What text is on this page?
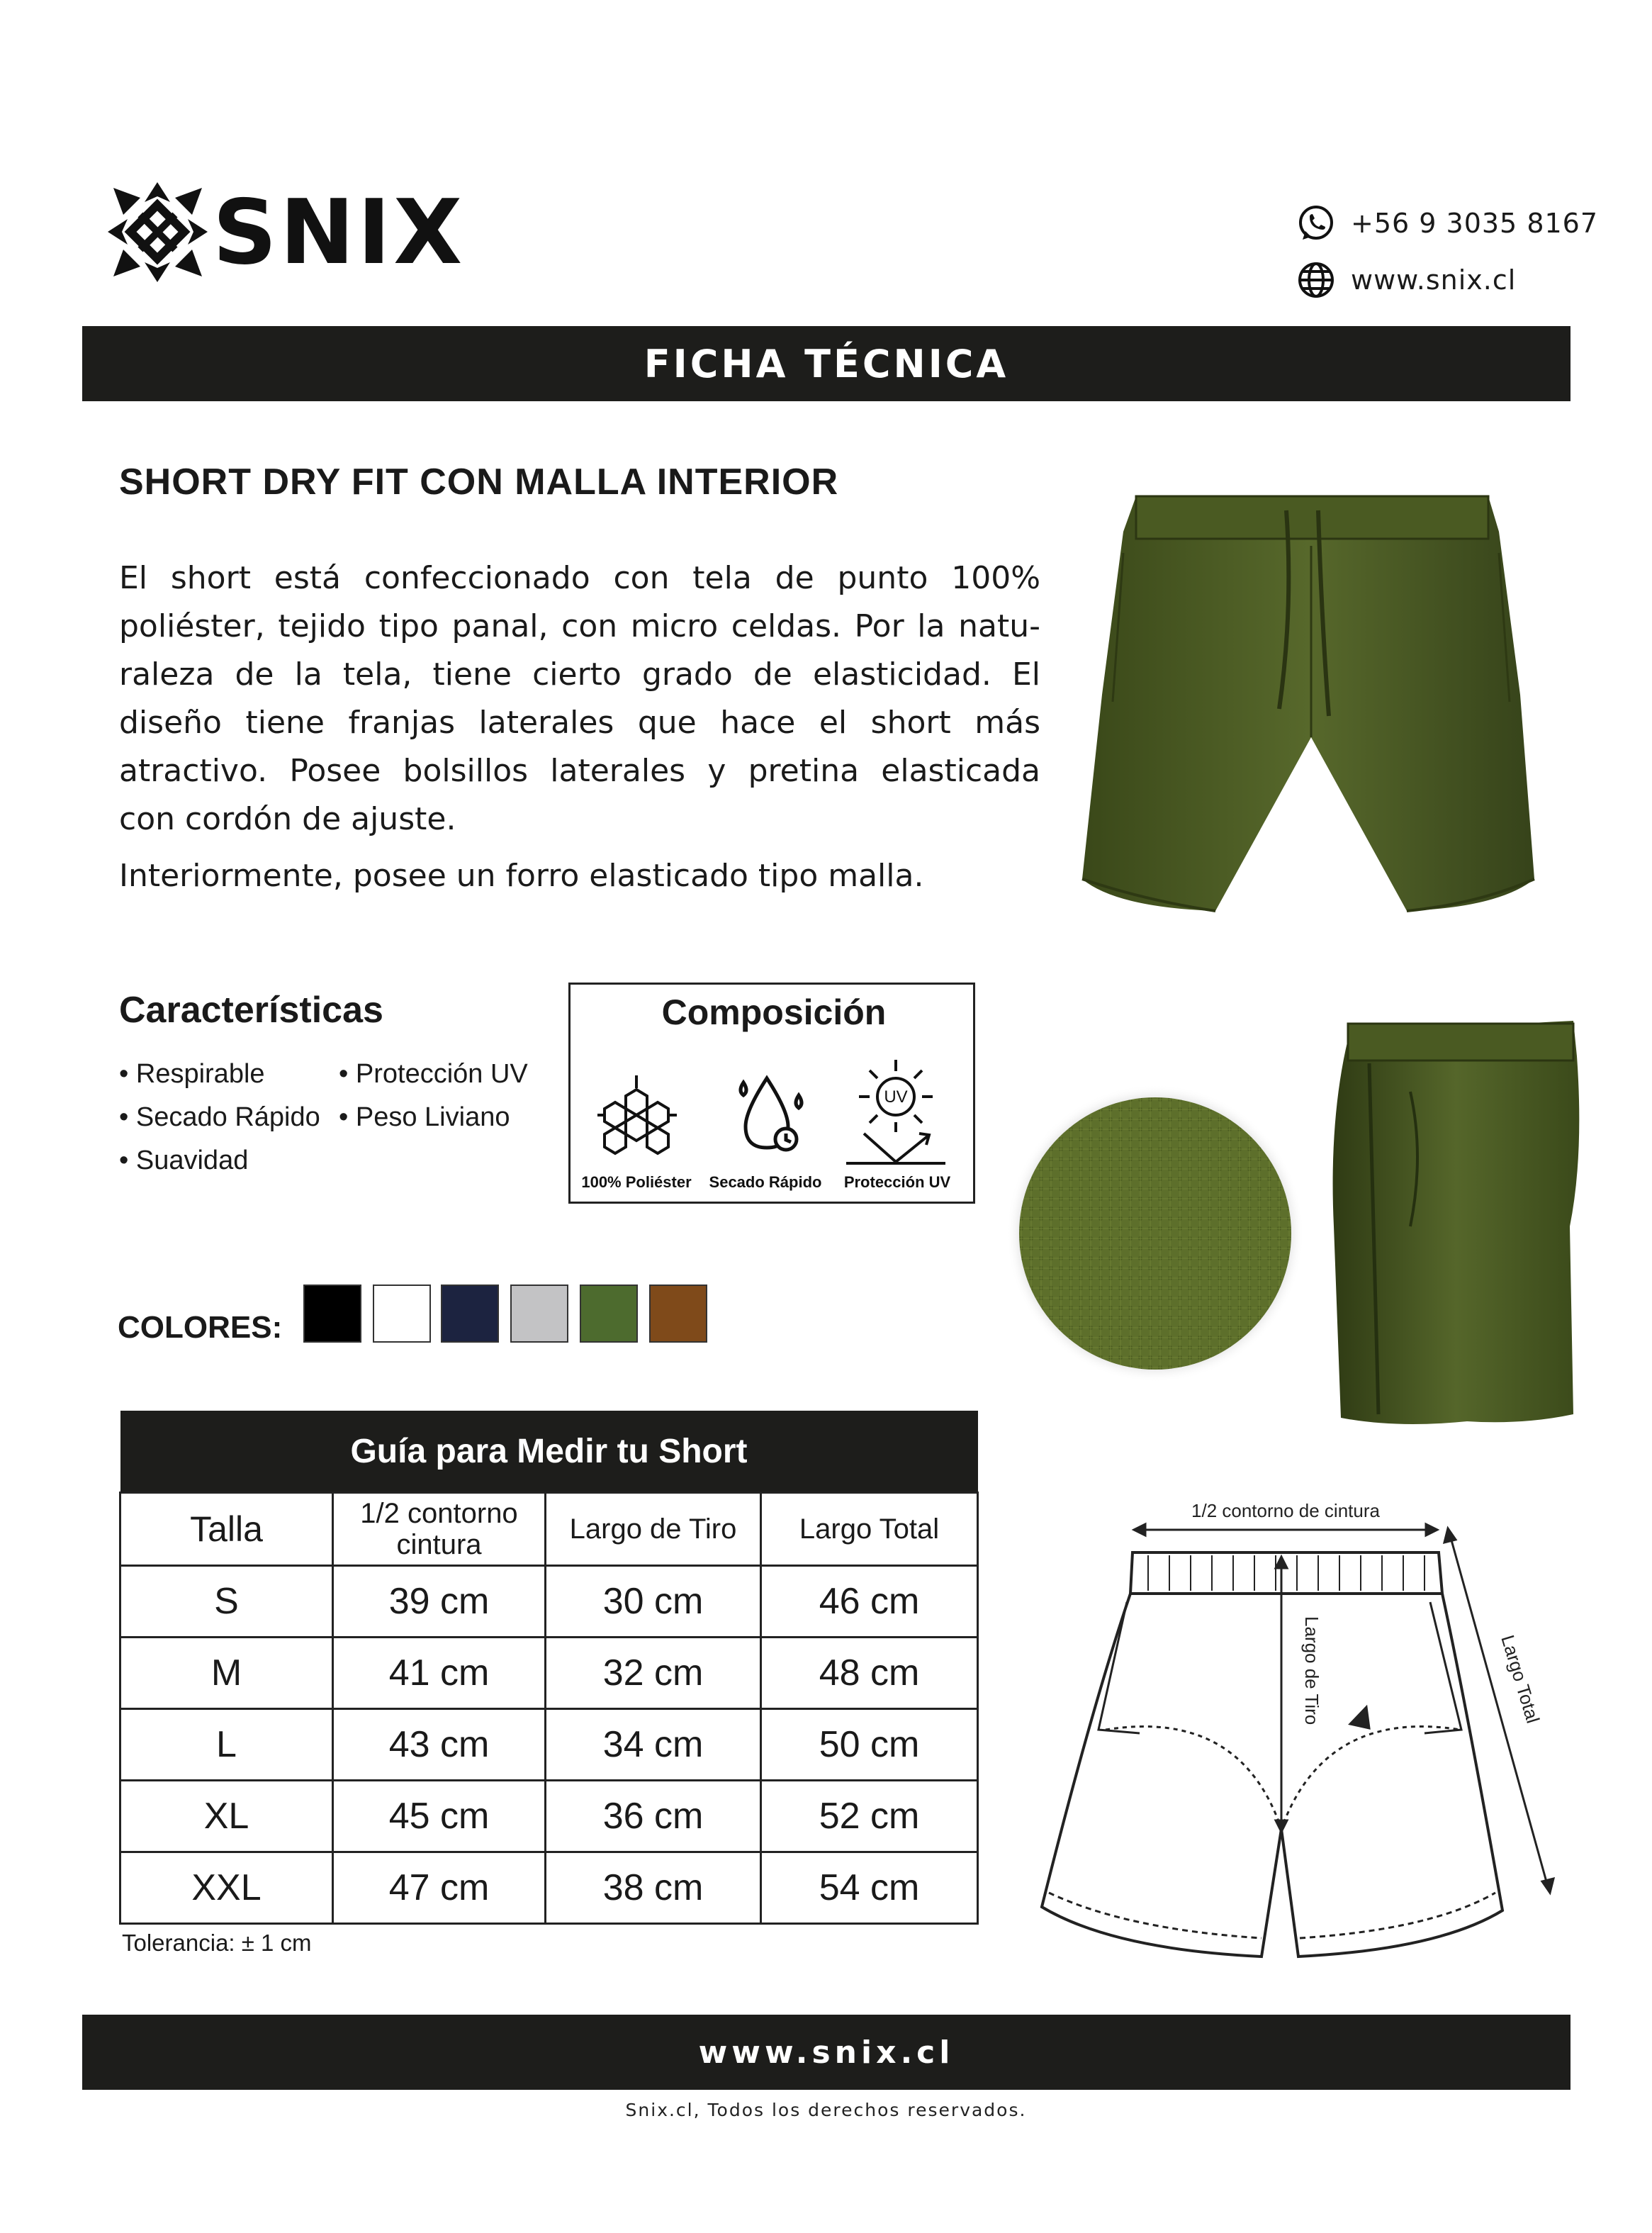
SNIX	+56 9 3035 8167
www.snix.cl
FICHA TÉCNICA
SHORT DRY FIT CON MALLA INTERIOR
El short está confeccionado con tela de punto 100%
poliéster, tejido tipo panal, con micro celdas. Por la natu-
raleza de la tela, tiene cierto grado de elasticidad. El
diseño tiene franjas laterales que hace el short más
atractivo. Posee bolsillos laterales y pretina elasticada
con cordón de ajuste.
Interiormente, posee un forro elasticado tipo malla.
Características
• Respirable	• Protección UV
• Secado Rápido • Peso Liviano
• Suavidad
Composición
UV
100% Poliéster	Secado Rápido	Protección UV
COLORES:
Guía para Medir tu Short			
Talla	1/2 contorno cintura	Largo de Tiro	Largo Total
S	39 cm	30 cm	46 cm
M	41 cm	32 cm	48 cm
L	43 cm	34 cm	50 cm
XL	45 cm	36 cm	52 cm
XXL	47 cm	38 cm	54 cm
Tolerancia: ± 1 cm
1/2 contorno de cintura
Largo de Tiro	Largo Total
www.snix.cl
Snix.cl, Todos los derechos reservados.
